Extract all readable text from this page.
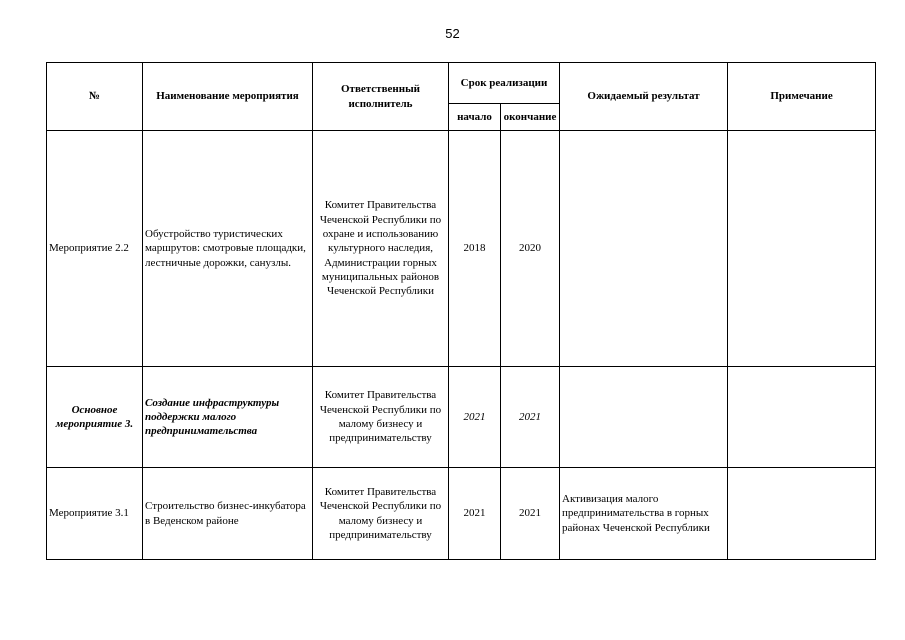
52
№	Наименование мероприятия	Ответственный исполнитель	Срок реализации		Ожидаемый результат	Примечание
			начало	окончание		
Мероприятие 2.2	Обустройство туристических маршрутов: смотровые площадки, лестничные дорожки, санузлы.	Комитет Правительства Чеченской Республики по охране и использованию культурного наследия, Администрации горных муниципальных районов Чеченской Республики	2018	2020		
Основное мероприятие 3.	Создание инфраструктуры поддержки малого предпринимательства	Комитет Правительства Чеченской Республики по малому бизнесу и предпринимательству	2021	2021		
Мероприятие 3.1	Строительство бизнес-инкубатора в Веденском районе	Комитет Правительства Чеченской Республики по малому бизнесу и предпринимательству	2021	2021	Активизация малого предпринимательства в горных районах Чеченской Республики	
